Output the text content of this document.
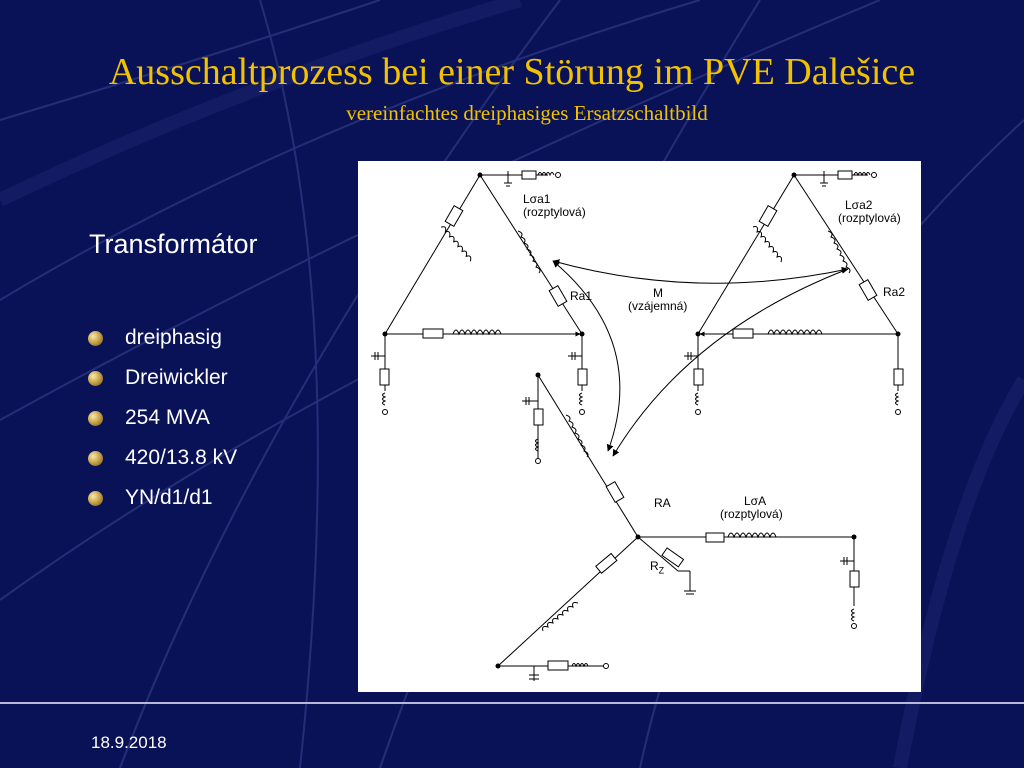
Ausschaltprozess bei einer Störung im PVE Dalešice
vereinfachtes dreiphasiges Ersatzschaltbild
Transformátor
dreiphasig
Dreiwickler
254 MVA
420/13.8 kV
YN/d1/d1
Lσa1
(rozptylová)
Ra1
Lσa2
(rozptylová)
Ra2
M
(vzájemná)
RA	LσA
(rozptylová)
$R_Z$
18.9.2018
